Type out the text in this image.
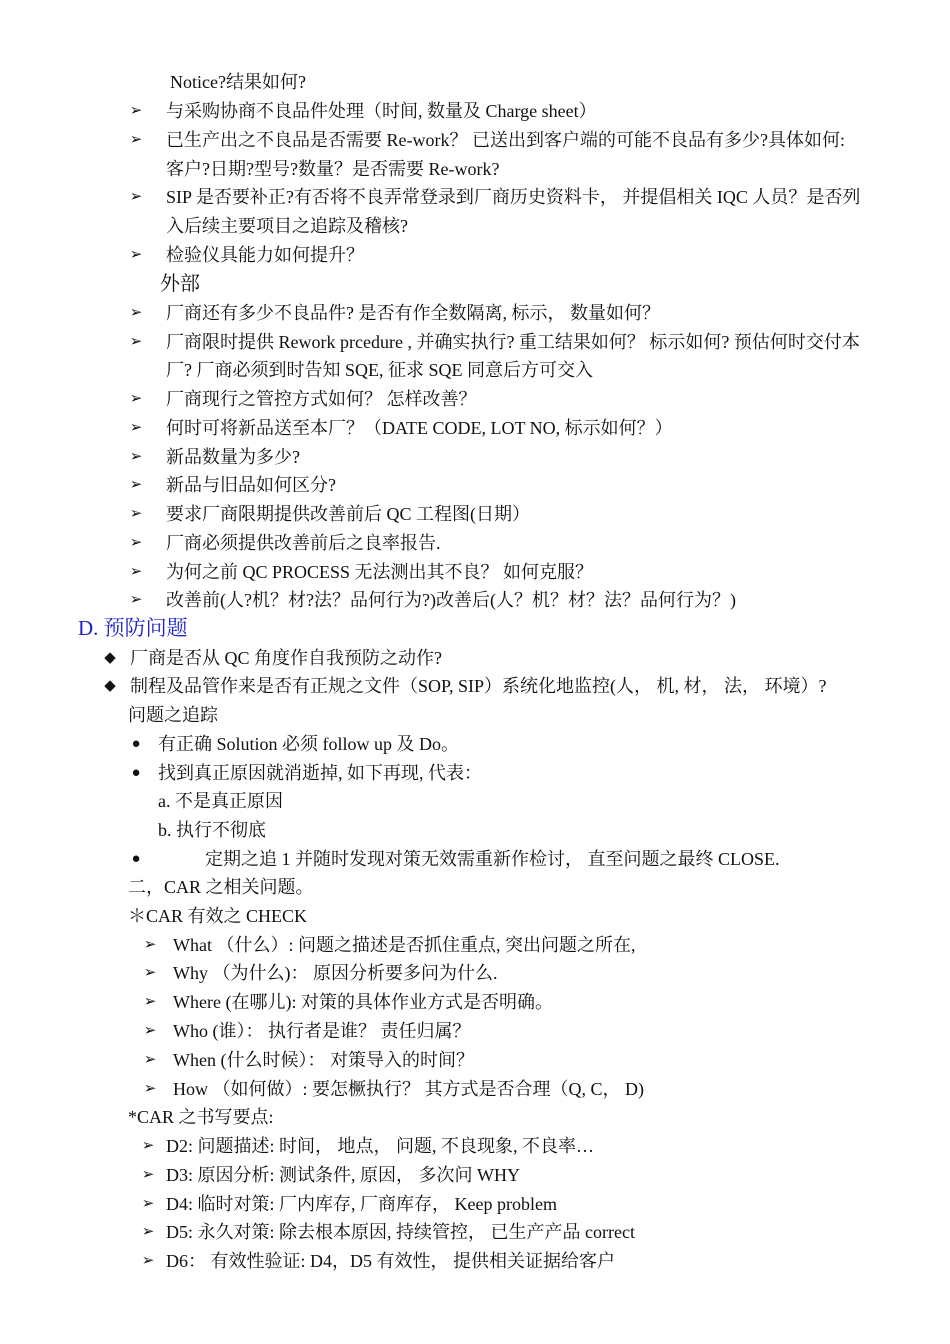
Notice?结果如何?
➢ 与采购协商不良品件处理（时间, 数量及 Charge sheet）
➢ 已生产出之不良品是否需要 Re-work？ 已送出到客户端的可能不良品有多少?具体如何:
客户?日期?型号?数量？是否需要 Re-work?
➢ SIP 是否要补正?有否将不良弄常登录到厂商历史资料卡， 并提倡相关 IQC 人员？是否列
入后续主要项目之追踪及稽核?
➢ 检验仪具能力如何提升？
外部
➢ 厂商还有多少不良品件? 是否有作全数隔离, 标示， 数量如何？
➢ 厂商限时提供 Rework prcedure , 并确实执行? 重工结果如何？ 标示如何? 预估何时交付本
厂? 厂商必须到时告知 SQE, 征求 SQE 同意后方可交入
➢ 厂商现行之管控方式如何？ 怎样改善？
➢ 何时可将新品送至本厂？（DATE CODE, LOT NO, 标示如何？）
➢ 新品数量为多少?
➢ 新品与旧品如何区分?
➢ 要求厂商限期提供改善前后 QC 工程图(日期）
➢ 厂商必须提供改善前后之良率报告.
➢ 为何之前 QC PROCESS 无法测出其不良？ 如何克服？
➢ 改善前(人?机？材?法？品何行为?)改善后(人？机？材？法？品何行为？)
D. 预防问题
◆ 厂商是否从 QC 角度作自我预防之动作?
◆ 制程及品管作来是否有正规之文件（SOP, SIP）系统化地监控(人， 机, 材， 法， 环境）?
问题之追踪
● 有正确 Solution 必须 follow up 及 Do。
● 找到真正原因就消逝掉, 如下再现, 代表：
a. 不是真正原因
b. 执行不彻底
●	定期之追 1 并随时发现对策无效需重新作检讨， 直至问题之最终 CLOSE.
二，CAR 之相关问题。
＊CAR 有效之 CHECK
➢ What （什么）: 问题之描述是否抓住重点, 突出问题之所在,
➢ Why （为什么)： 原因分析要多问为什么.
➢ Where (在哪儿): 对策的具体作业方式是否明确。
➢ Who (谁）： 执行者是谁？ 责任归属？
➢ When (什么时候）： 对策导入的时间？
➢ How （如何做）: 要怎橛执行？ 其方式是否合理（Q, C， D)
*CAR 之书写要点:
➢ D2: 问题描述: 时间， 地点， 问题, 不良现象, 不良率…
➢ D3: 原因分析: 测试条件, 原因， 多次问 WHY
➢ D4: 临时对策: 厂内库存, 厂商库存， Keep problem
➢ D5: 永久对策: 除去根本原因, 持续管控， 已生产产品 correct
➢ D6： 有效性验证: D4，D5 有效性， 提供相关证据给客户
